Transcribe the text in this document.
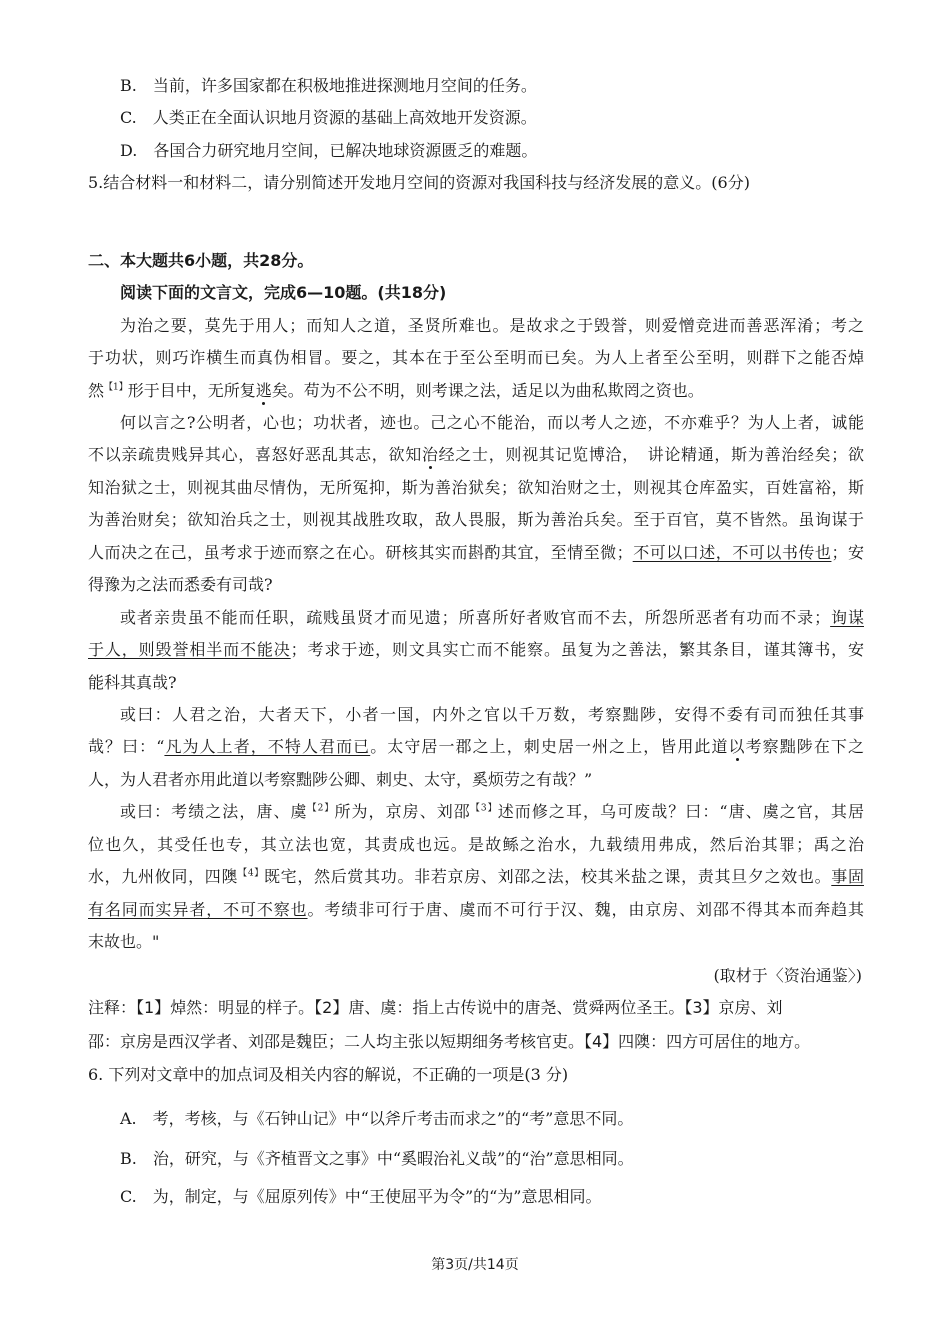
B.　当前，许多国家都在积极地推进探测地月空间的任务。
C.　人类正在全面认识地月资源的基础上高效地开发资源。
D.　各国合力研究地月空间，已解决地球资源匮乏的难题。
5.结合材料一和材料二，请分别简述开发地月空间的资源对我国科技与经济发展的意义。(6分)
二、本大题共6小题，共28分。
阅读下面的文言文，完成6—10题。(共18分)
为治之要，莫先于用人；而知人之道，圣贤所难也。是故求之于毁誉，则爱憎竞进而善恶浑淆；考之
于功状，则巧诈横生而真伪相冒。要之，其本在于至公至明而已矣。为人上者至公至明，则群下之能否焯
然$^{【1】}$形于目中，无所复逃矣。苟为不公不明，则考课之法，适足以为曲私欺罔之资也。
何以言之?公明者，心也；功状者，迹也。己之心不能治，而以考人之迹，不亦难乎？为人上者，诚能
不以亲疏贵贱异其心，喜怒好恶乱其志，欲知治经之士，则视其记览博洽，　讲论精通，斯为善治经矣；欲
知治狱之士，则视其曲尽情伪，无所冤抑，斯为善治狱矣；欲知治财之士，则视其仓库盈实，百姓富裕，斯
为善治财矣；欲知治兵之士，则视其战胜攻取，敌人畏服，斯为善治兵矣。至于百官，莫不皆然。虽询谋于
人而决之在己，虽考求于迹而察之在心。研核其实而斟酌其宜，至情至微；不可以口述，不可以书传也；安
得豫为之法而悉委有司哉?
或者亲贵虽不能而任职，疏贱虽贤才而见遗；所喜所好者败官而不去，所怨所恶者有功而不录；询谋
于人，则毁誉相半而不能决；考求于迹，则文具实亡而不能察。虽复为之善法，繁其条目，谨其簿书，安
能科其真哉?
或曰：人君之治，大者天下，小者一国，内外之官以千万数，考察黜陟，安得不委有司而独任其事
哉？曰：“凡为人上者，不特人君而已。太守居一郡之上，刺史居一州之上，皆用此道以考察黜陟在下之
人，为人君者亦用此道以考察黜陟公卿、刺史、太守，奚烦劳之有哉？”
或曰：考绩之法，唐、虞$^{【2】}$所为，京房、刘邵$^{【3】}$述而修之耳，乌可废哉？曰：“唐、虞之官，其居
位也久，其受任也专，其立法也宽，其责成也远。是故鲧之治水，九载绩用弗成，然后治其罪；禹之治
水，九州攸同，四隩$^{【4】}$既宅，然后赏其功。非若京房、刘邵之法，校其米盐之课，责其旦夕之效也。事固
有名同而实异者，不可不察也。考绩非可行于唐、虞而不可行于汉、魏，由京房、刘邵不得其本而奔趋其
末故也。"
(取材于〈资治通鉴〉)
注释：【1】焯然：明显的样子。【2】唐、虞：指上古传说中的唐尧、赏舜两位圣王。【3】京房、刘
邵：京房是西汉学者、刘邵是魏臣；二人均主张以短期细务考核官吏。【4】四隩：四方可居住的地方。
6. 下列对文章中的加点词及相关内容的解说，不正确的一项是(3 分)
A.　考，考核，与《石钟山记》中“以斧斤考击而求之”的“考”意思不同。
B.　治，研究，与《齐植晋文之事》中“奚暇治礼义哉”的“治”意思相同。
C.　为，制定，与《屈原列传》中“王使屈平为令”的“为”意思相同。
第3页/共14页
